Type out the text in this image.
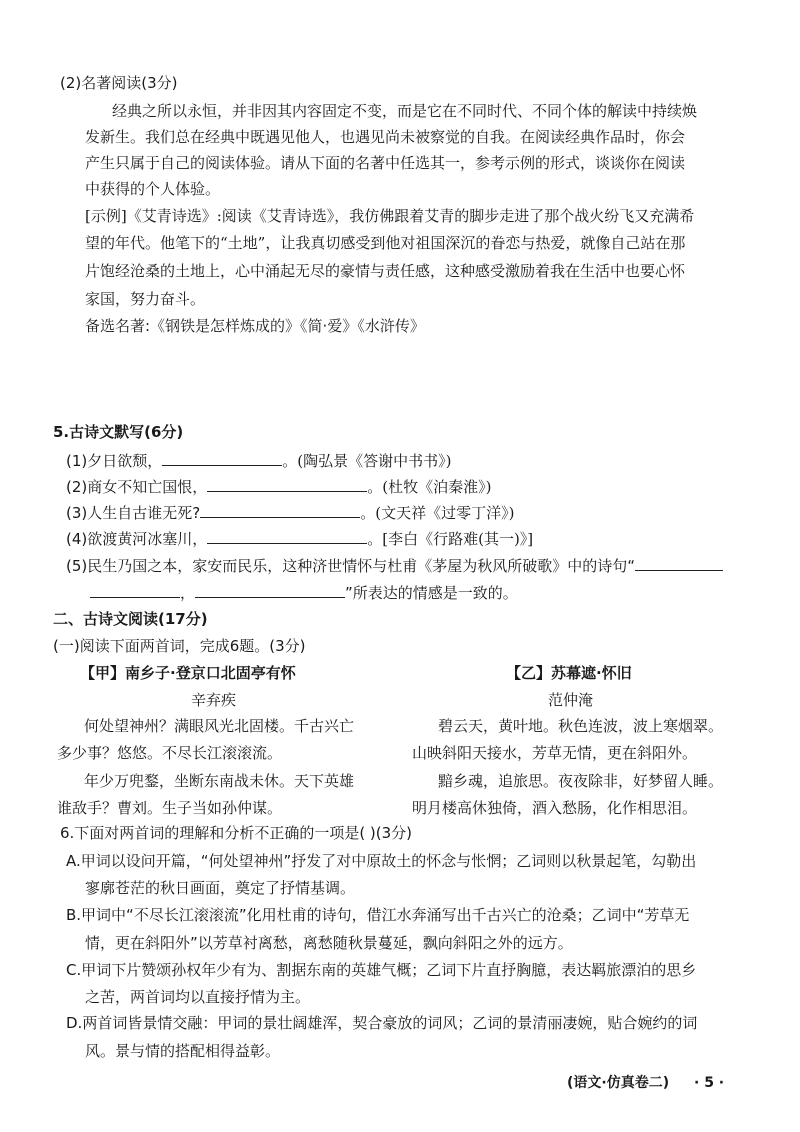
(2)名著阅读(3分)
经典之所以永恒，并非因其内容固定不变，而是它在不同时代、不同个体的解读中持续焕
发新生。我们总在经典中既遇见他人，也遇见尚未被察觉的自我。在阅读经典作品时，你会
产生只属于自己的阅读体验。请从下面的名著中任选其一，参考示例的形式，谈谈你在阅读
中获得的个人体验。
[示例]《艾青诗选》:阅读《艾青诗选》，我仿佛跟着艾青的脚步走进了那个战火纷飞又充满希
望的年代。他笔下的“土地”，让我真切感受到他对祖国深沉的眷恋与热爱，就像自己站在那
片饱经沧桑的土地上，心中涌起无尽的豪情与责任感，这种感受激励着我在生活中也要心怀
家国，努力奋斗。
备选名著:《钢铁是怎样炼成的》《简·爱》《水浒传》
5.古诗文默写(6分)
(1)夕日欲颓，	。(陶弘景《答谢中书书》)
(2)商女不知亡国恨，	。(杜牧《泊秦淮》)
(3)人生自古谁无死?	。(文天祥《过零丁洋》)
(4)欲渡黄河冰塞川，	。[李白《行路难(其一)》]
(5)民生乃国之本，家安而民乐，这种济世情怀与杜甫《茅屋为秋风所破歌》中的诗句“
，	”所表达的情感是一致的。
二、古诗文阅读(17分)
(一)阅读下面两首词，完成6题。(3分)
【甲】南乡子·登京口北固亭有怀
辛弃疾
何处望神州？满眼风光北固楼。千古兴亡
多少事？悠悠。不尽长江滚滚流。
年少万兜鍪，坐断东南战未休。天下英雄
谁敌手？曹刘。生子当如孙仲谋。
【乙】苏幕遮·怀旧
范仲淹
碧云天，黄叶地。秋色连波，波上寒烟翠。
山映斜阳天接水，芳草无情，更在斜阳外。
黯乡魂，追旅思。夜夜除非，好梦留人睡。
明月楼高休独倚，酒入愁肠，化作相思泪。
6.下面对两首词的理解和分析不正确的一项是( )(3分)
A.甲词以设问开篇，“何处望神州”抒发了对中原故土的怀念与怅惘；乙词则以秋景起笔，勾勒出
寥廓苍茫的秋日画面，奠定了抒情基调。
B.甲词中“不尽长江滚滚流”化用杜甫的诗句，借江水奔涌写出千古兴亡的沧桑；乙词中“芳草无
情，更在斜阳外”以芳草衬离愁，离愁随秋景蔓延，飘向斜阳之外的远方。
C.甲词下片赞颂孙权年少有为、割据东南的英雄气概；乙词下片直抒胸臆，表达羁旅漂泊的思乡
之苦，两首词均以直接抒情为主。
D.两首词皆景情交融：甲词的景壮阔雄浑，契合豪放的词风；乙词的景清丽凄婉，贴合婉约的词
风。景与情的搭配相得益彰。
(语文·仿真卷二) · 5 ·
